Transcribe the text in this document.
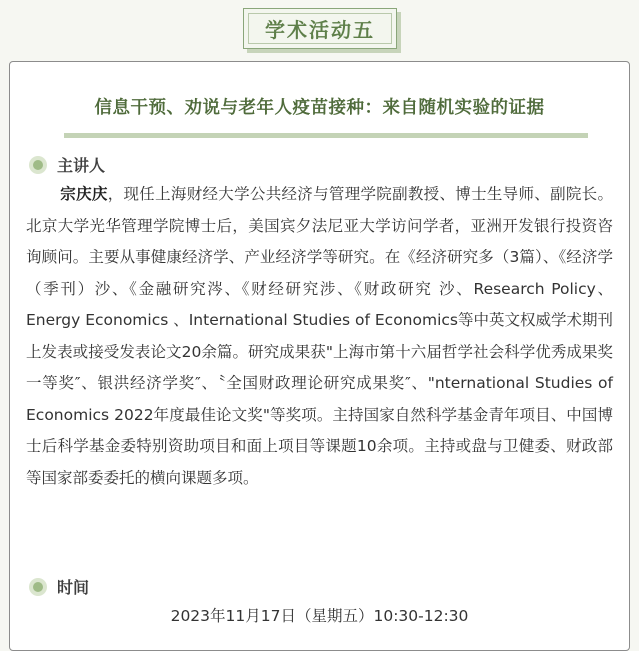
学术活动五
信息干预、劝说与老年人疫苗接种：来自随机实验的证据
主讲人

宗庆庆，现任上海财经大学公共经济与管理学院副教授、博士生导师、副院长。北京大学光华管理学院博士后，美国宾夕法尼亚大学访问学者，亚洲开发银行投资咨询顾问。主要从事健康经济学、产业经济学等研究。在《经济研究多（3篇）、《经济学（季刊）沙、《金融研究涔、《财经研究涉、《财政研究 沙、Research Policy、Energy Economics 、International Studies of Economics等中英文权威学术期刊上发表或接受发表论文20余篇。研究成果获"上海市第十六届哲学社会科学优秀成果奖一等奖″、银洪经济学奖″、〝全国财政理论研究成果奖″、"nternational Studies of Economics 2022年度最佳论文奖"等奖项。主持国家自然科学基金青年项目、中国博士后科学基金委特别资助项目和面上项目等课题10余项。主持或盘与卫健委、财政部等国家部委委托的横向课题多项。

时间
2023年11月17日（星期五）10:30-12:30
